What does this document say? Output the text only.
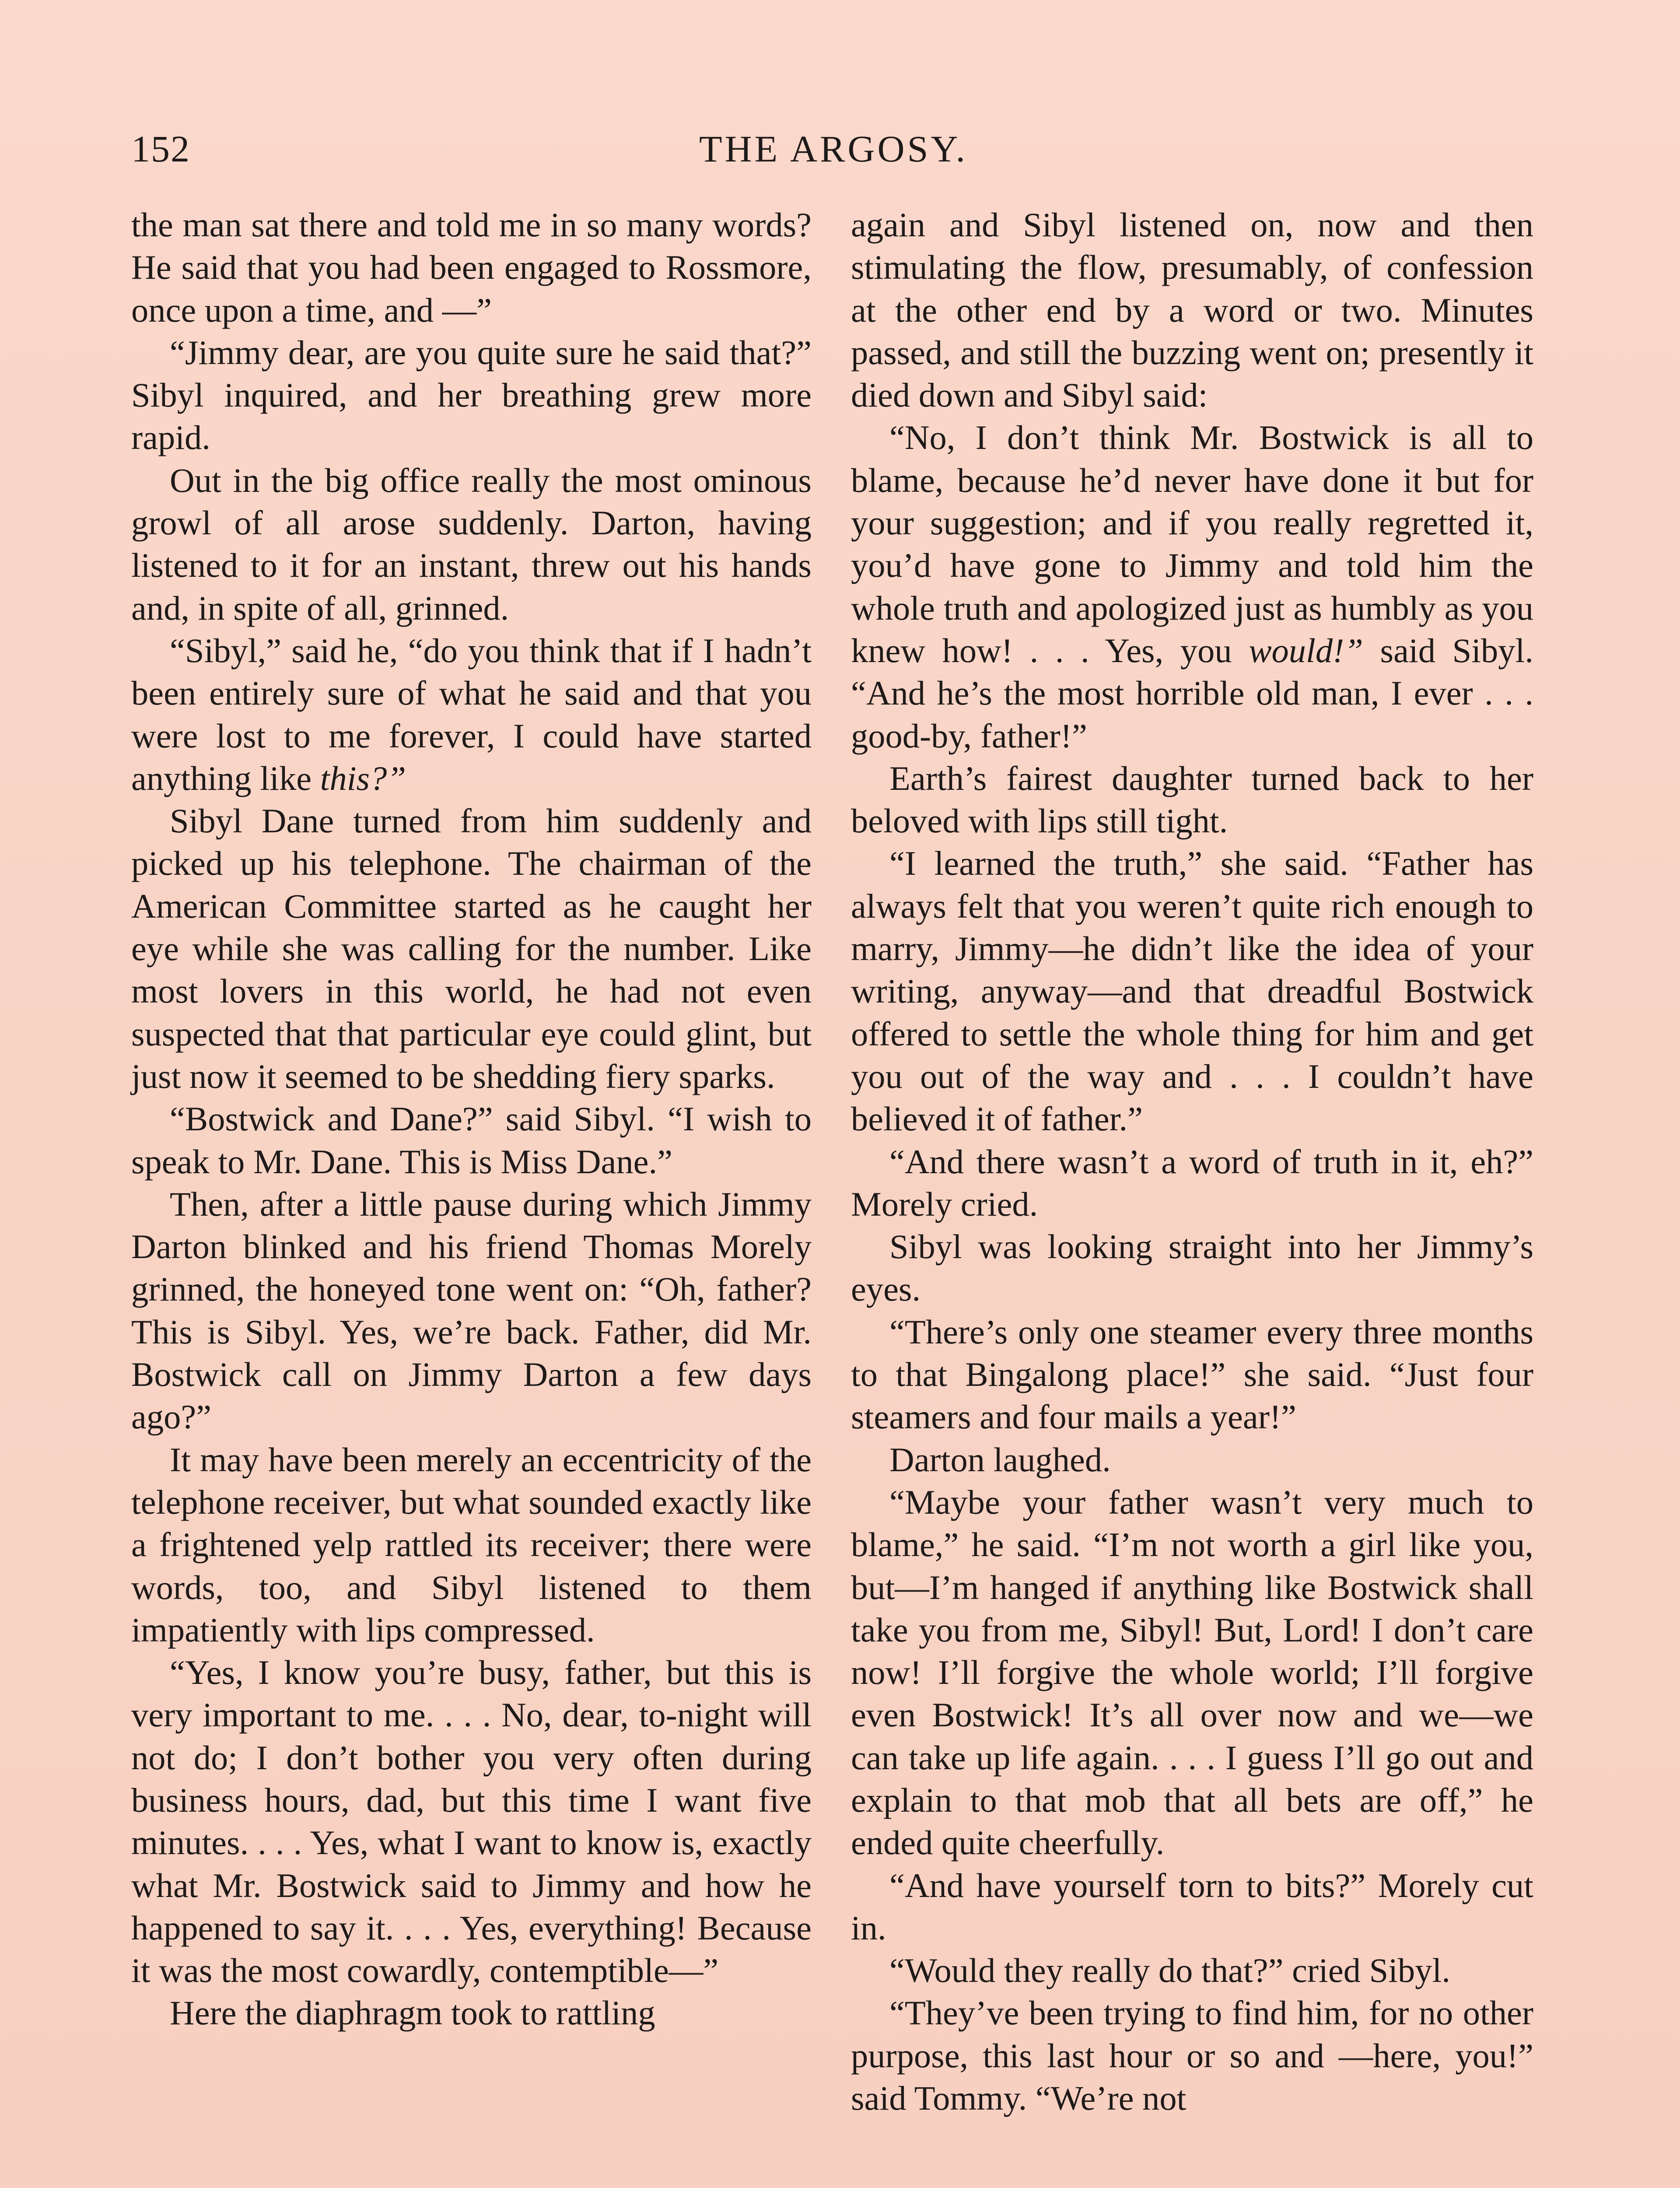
152	THE ARGOSY.

the man sat there and told me in so many words? He said that you had been engaged to Rossmore, once upon a time, and —”

“Jimmy dear, are you quite sure he said that?” Sibyl inquired, and her breathing grew more rapid.

Out in the big office really the most ominous growl of all arose suddenly. Darton, having listened to it for an instant, threw out his hands and, in spite of all, grinned.

“Sibyl,” said he, “do you think that if I hadn’t been entirely sure of what he said and that you were lost to me forever, I could have started anything like this?”

Sibyl Dane turned from him suddenly and picked up his telephone. The chairman of the American Committee started as he caught her eye while she was calling for the number. Like most lovers in this world, he had not even suspected that that particular eye could glint, but just now it seemed to be shedding fiery sparks.

“Bostwick and Dane?” said Sibyl. “I wish to speak to Mr. Dane. This is Miss Dane.”

Then, after a little pause during which Jimmy Darton blinked and his friend Thomas Morely grinned, the honeyed tone went on: “Oh, father? This is Sibyl. Yes, we’re back. Father, did Mr. Bostwick call on Jimmy Darton a few days ago?”

It may have been merely an eccentricity of the telephone receiver, but what sounded exactly like a frightened yelp rattled its receiver; there were words, too, and Sibyl listened to them impatiently with lips compressed.

“Yes, I know you’re busy, father, but this is very important to me. . . . No, dear, to-night will not do; I don’t bother you very often during business hours, dad, but this time I want five minutes. . . . Yes, what I want to know is, exactly what Mr. Bostwick said to Jimmy and how he happened to say it. . . . Yes, everything! Because it was the most cowardly, contemptible—”

Here the diaphragm took to rattling

again and Sibyl listened on, now and then stimulating the flow, presumably, of confession at the other end by a word or two. Minutes passed, and still the buzzing went on; presently it died down and Sibyl said:

“No, I don’t think Mr. Bostwick is all to blame, because he’d never have done it but for your suggestion; and if you really regretted it, you’d have gone to Jimmy and told him the whole truth and apologized just as humbly as you knew how! . . . Yes, you would!” said Sibyl. “And he’s the most horrible old man, I ever . . . good-by, father!”

Earth’s fairest daughter turned back to her beloved with lips still tight.

“I learned the truth,” she said. “Father has always felt that you weren’t quite rich enough to marry, Jimmy—he didn’t like the idea of your writing, anyway—and that dreadful Bostwick offered to settle the whole thing for him and get you out of the way and . . . I couldn’t have believed it of father.”

“And there wasn’t a word of truth in it, eh?” Morely cried.

Sibyl was looking straight into her Jimmy’s eyes.

“There’s only one steamer every three months to that Bingalong place!” she said. “Just four steamers and four mails a year!”

Darton laughed.

“Maybe your father wasn’t very much to blame,” he said. “I’m not worth a girl like you, but—I’m hanged if anything like Bostwick shall take you from me, Sibyl! But, Lord! I don’t care now! I’ll forgive the whole world; I’ll forgive even Bostwick! It’s all over now and we—we can take up life again. . . . I guess I’ll go out and explain to that mob that all bets are off,” he ended quite cheerfully.

“And have yourself torn to bits?” Morely cut in.

“Would they really do that?” cried Sibyl.

“They’ve been trying to find him, for no other purpose, this last hour or so and —here, you!” said Tommy. “We’re not
